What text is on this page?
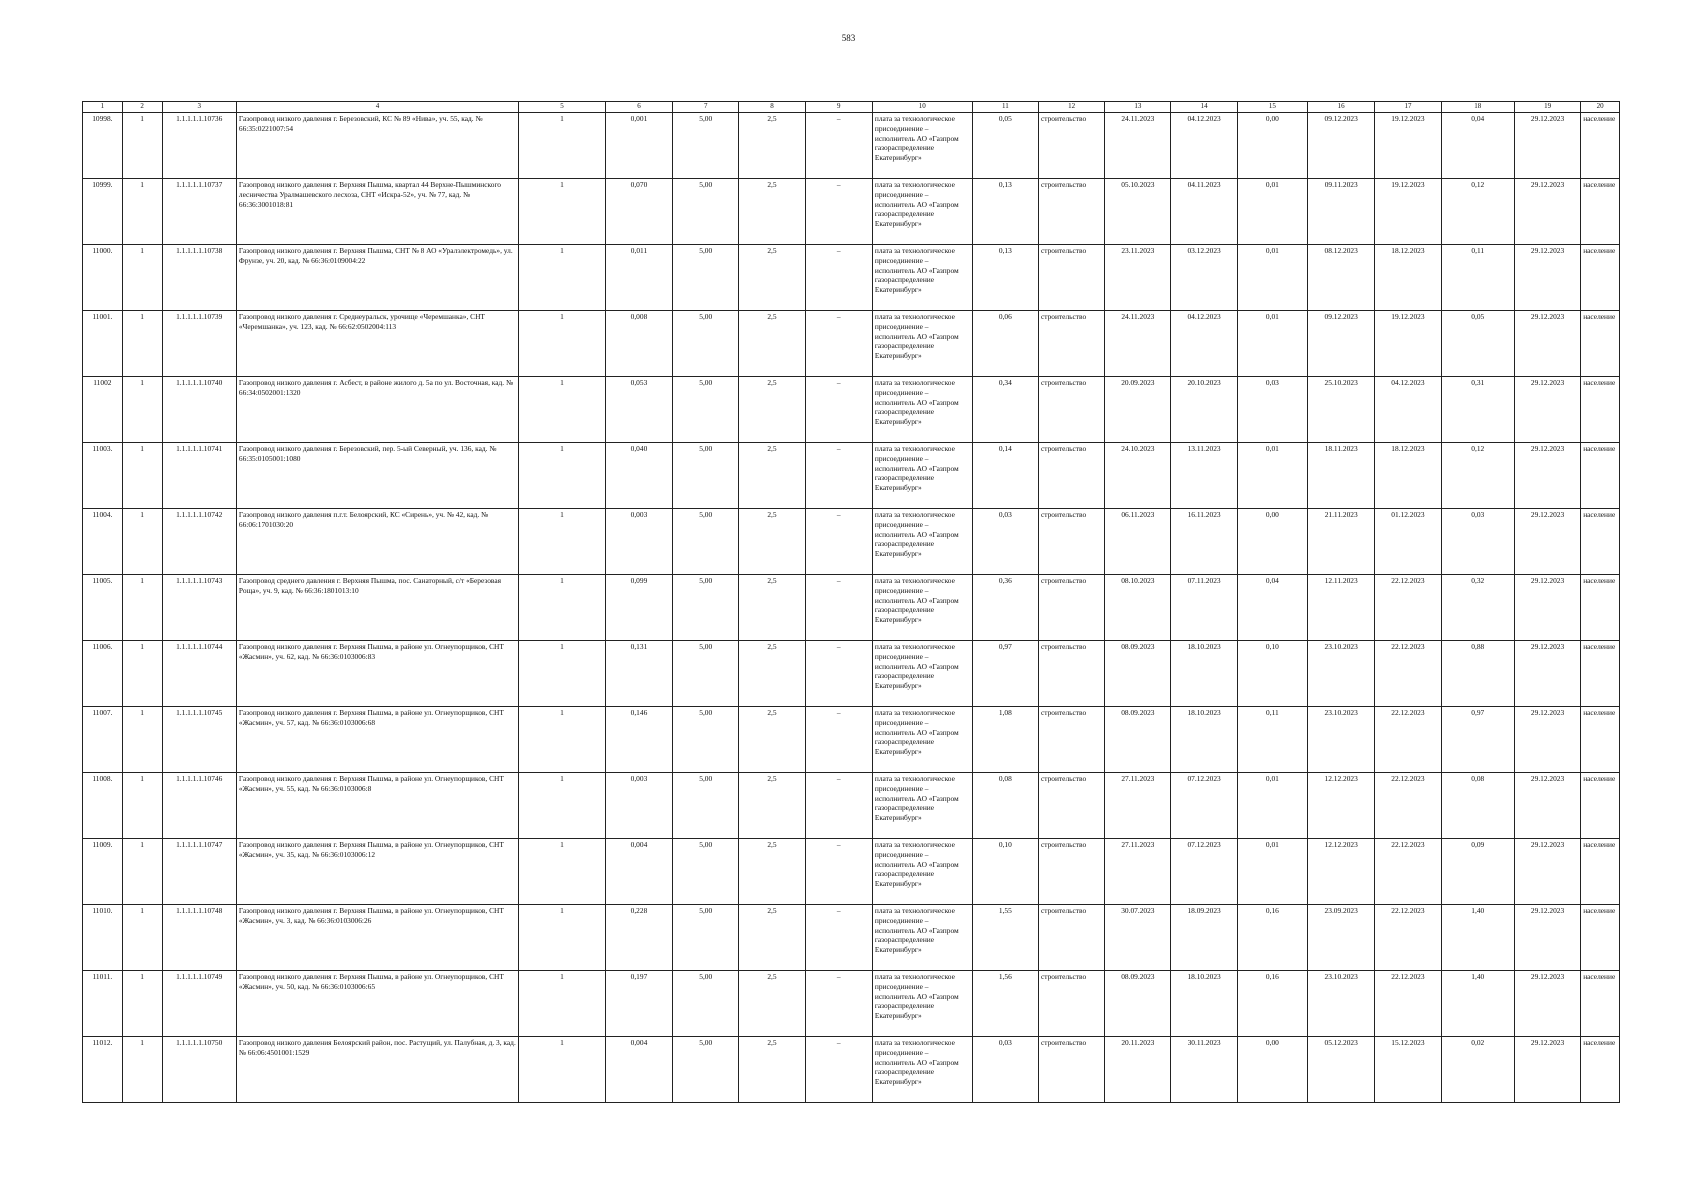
583
1	2	3	4	5	6	7	8	9	10	11	12	13	14	15	16	17	18	19	20
10998.	1	1.1.1.1.1.10736	Газопровод низкого давления г. Березовский, КС № 89 «Нива», уч. 55, кад. № 66:35:0221007:54	1	0,001	5,00	2,5	–	плата за технологическое присоединение – исполнитель АО «Газпром газораспределение Екатеринбург»	0,05	строительство	24.11.2023	04.12.2023	0,00	09.12.2023	19.12.2023	0,04	29.12.2023	население
10999.	1	1.1.1.1.1.10737	Газопровод низкого давления г. Верхняя Пышма, квартал 44 Верхне-Пышминского лесничества Уралмашевского лесхоза, СНТ «Искра-52», уч. № 77, кад. № 66:36:3001018:81	1	0,070	5,00	2,5	–	плата за технологическое присоединение – исполнитель АО «Газпром газораспределение Екатеринбург»	0,13	строительство	05.10.2023	04.11.2023	0,01	09.11.2023	19.12.2023	0,12	29.12.2023	население
11000.	1	1.1.1.1.1.10738	Газопровод низкого давления г. Верхняя Пышма, СНТ № 8 АО «Уралэлектромедь», ул. Фрунзе, уч. 20, кад. № 66:36:0109004:22	1	0,011	5,00	2,5	–	плата за технологическое присоединение – исполнитель АО «Газпром газораспределение Екатеринбург»	0,13	строительство	23.11.2023	03.12.2023	0,01	08.12.2023	18.12.2023	0,11	29.12.2023	население
11001.	1	1.1.1.1.1.10739	Газопровод низкого давления г. Среднеуральск, урочище «Черемшанка», СНТ «Черемшанка», уч. 123, кад. № 66:62:0502004:113	1	0,008	5,00	2,5	–	плата за технологическое присоединение – исполнитель АО «Газпром газораспределение Екатеринбург»	0,06	строительство	24.11.2023	04.12.2023	0,01	09.12.2023	19.12.2023	0,05	29.12.2023	население
11002	1	1.1.1.1.1.10740	Газопровод низкого давления г. Асбест, в районе жилого д. 5а по ул. Восточная, кад. № 66:34:0502001:1320	1	0,053	5,00	2,5	–	плата за технологическое присоединение – исполнитель АО «Газпром газораспределение Екатеринбург»	0,34	строительство	20.09.2023	20.10.2023	0,03	25.10.2023	04.12.2023	0,31	29.12.2023	население
11003.	1	1.1.1.1.1.10741	Газопровод низкого давления г. Березовский, пер. 5-ый Северный, уч. 136, кад. № 66:35:0105001:1080	1	0,040	5,00	2,5	–	плата за технологическое присоединение – исполнитель АО «Газпром газораспределение Екатеринбург»	0,14	строительство	24.10.2023	13.11.2023	0,01	18.11.2023	18.12.2023	0,12	29.12.2023	население
11004.	1	1.1.1.1.1.10742	Газопровод низкого давления п.г.т. Белоярский, КС «Сирень», уч. № 42, кад. № 66:06:1701030:20	1	0,003	5,00	2,5	–	плата за технологическое присоединение – исполнитель АО «Газпром газораспределение Екатеринбург»	0,03	строительство	06.11.2023	16.11.2023	0,00	21.11.2023	01.12.2023	0,03	29.12.2023	население
11005.	1	1.1.1.1.1.10743	Газопровод среднего давления г. Верхняя Пышма, пос. Санаторный, с/т «Березовая Роща», уч. 9, кад. № 66:36:1801013:10	1	0,099	5,00	2,5	–	плата за технологическое присоединение – исполнитель АО «Газпром газораспределение Екатеринбург»	0,36	строительство	08.10.2023	07.11.2023	0,04	12.11.2023	22.12.2023	0,32	29.12.2023	население
11006.	1	1.1.1.1.1.10744	Газопровод низкого давления г. Верхняя Пышма, в районе ул. Огнеупорщиков, СНТ «Жасмин», уч. 62, кад. № 66:36:0103006:83	1	0,131	5,00	2,5	–	плата за технологическое присоединение – исполнитель АО «Газпром газораспределение Екатеринбург»	0,97	строительство	08.09.2023	18.10.2023	0,10	23.10.2023	22.12.2023	0,88	29.12.2023	население
11007.	1	1.1.1.1.1.10745	Газопровод низкого давления г. Верхняя Пышма, в районе ул. Огнеупорщиков, СНТ «Жасмин», уч. 57, кад. № 66:36:0103006:68	1	0,146	5,00	2,5	–	плата за технологическое присоединение – исполнитель АО «Газпром газораспределение Екатеринбург»	1,08	строительство	08.09.2023	18.10.2023	0,11	23.10.2023	22.12.2023	0,97	29.12.2023	население
11008.	1	1.1.1.1.1.10746	Газопровод низкого давления г. Верхняя Пышма, в районе ул. Огнеупорщиков, СНТ «Жасмин», уч. 55, кад. № 66:36:0103006:8	1	0,003	5,00	2,5	–	плата за технологическое присоединение – исполнитель АО «Газпром газораспределение Екатеринбург»	0,08	строительство	27.11.2023	07.12.2023	0,01	12.12.2023	22.12.2023	0,08	29.12.2023	население
11009.	1	1.1.1.1.1.10747	Газопровод низкого давления г. Верхняя Пышма, в районе ул. Огнеупорщиков, СНТ «Жасмин», уч. 35, кад. № 66:36:0103006:12	1	0,004	5,00	2,5	–	плата за технологическое присоединение – исполнитель АО «Газпром газораспределение Екатеринбург»	0,10	строительство	27.11.2023	07.12.2023	0,01	12.12.2023	22.12.2023	0,09	29.12.2023	население
11010.	1	1.1.1.1.1.10748	Газопровод низкого давления г. Верхняя Пышма, в районе ул. Огнеупорщиков, СНТ «Жасмин», уч. 3, кад. № 66:36:0103006:26	1	0,228	5,00	2,5	–	плата за технологическое присоединение – исполнитель АО «Газпром газораспределение Екатеринбург»	1,55	строительство	30.07.2023	18.09.2023	0,16	23.09.2023	22.12.2023	1,40	29.12.2023	население
11011.	1	1.1.1.1.1.10749	Газопровод низкого давления г. Верхняя Пышма, в районе ул. Огнеупорщиков, СНТ «Жасмин», уч. 50, кад. № 66:36:0103006:65	1	0,197	5,00	2,5	–	плата за технологическое присоединение – исполнитель АО «Газпром газораспределение Екатеринбург»	1,56	строительство	08.09.2023	18.10.2023	0,16	23.10.2023	22.12.2023	1,40	29.12.2023	население
11012.	1	1.1.1.1.1.10750	Газопровод низкого давления Белоярский район, пос. Растущий, ул. Палубная, д. 3, кад. № 66:06:4501001:1529	1	0,004	5,00	2,5	–	плата за технологическое присоединение – исполнитель АО «Газпром газораспределение Екатеринбург»	0,03	строительство	20.11.2023	30.11.2023	0,00	05.12.2023	15.12.2023	0,02	29.12.2023	население
